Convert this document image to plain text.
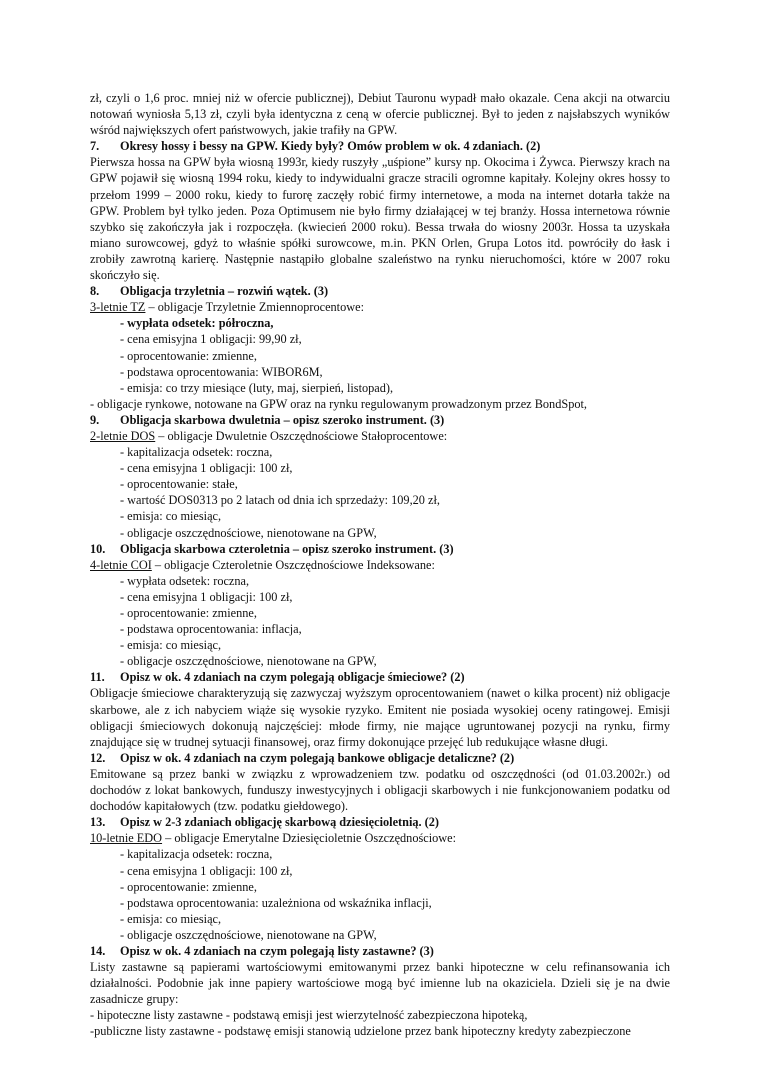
zł, czyli o 1,6 proc. mniej niż w ofercie publicznej), Debiut Tauronu wypadł mało okazale. Cena akcji na otwarciu notowań wyniosła 5,13 zł, czyli była identyczna z ceną w ofercie publicznej. Był to jeden z najsłabszych wyników wśród największych ofert państwowych, jakie trafiły na GPW.

7.	Okresy hossy i bessy na GPW. Kiedy były? Omów problem w ok. 4 zdaniach. (2)

Pierwsza hossa na GPW była wiosną 1993r, kiedy ruszyły „uśpione” kursy np. Okocima i Żywca. Pierwszy krach na GPW pojawił się wiosną 1994 roku, kiedy to indywidualni gracze stracili ogromne kapitały. Kolejny okres hossy to przełom 1999 – 2000 roku, kiedy to furorę zaczęły robić firmy internetowe, a moda na internet dotarła także na GPW. Problem był tylko jeden. Poza Optimusem nie było firmy działającej w tej branży. Hossa internetowa równie szybko się zakończyła jak i rozpoczęła. (kwiecień 2000 roku). Bessa trwała do wiosny 2003r. Hossa ta uzyskała miano surowcowej, gdyż to właśnie spółki surowcowe, m.in. PKN Orlen, Grupa Lotos itd. powróciły do łask i zrobiły zawrotną karierę. Następnie nastąpiło globalne szaleństwo na rynku nieruchomości, które w 2007 roku skończyło się.

8.	Obligacja trzyletnia – rozwiń wątek. (3)

3-letnie TZ – obligacje Trzyletnie Zmiennoprocentowe:

- wypłata odsetek: półroczna,
- cena emisyjna 1 obligacji: 99,90 zł,
- oprocentowanie: zmienne,
- podstawa oprocentowania: WIBOR6M,
- emisja: co trzy miesiące (luty, maj, sierpień, listopad),

- obligacje rynkowe, notowane na GPW oraz na rynku regulowanym prowadzonym przez BondSpot,

9.	Obligacja skarbowa dwuletnia – opisz szeroko instrument. (3)

2-letnie DOS – obligacje Dwuletnie Oszczędnościowe Stałoprocentowe:

- kapitalizacja odsetek: roczna,
- cena emisyjna 1 obligacji: 100 zł,
- oprocentowanie: stałe,
- wartość DOS0313 po 2 latach od dnia ich sprzedaży: 109,20 zł,
- emisja: co miesiąc,
- obligacje oszczędnościowe, nienotowane na GPW,
10.	Obligacja skarbowa czteroletnia – opisz szeroko instrument. (3)

4-letnie COI – obligacje Czteroletnie Oszczędnościowe Indeksowane:

- wypłata odsetek: roczna,
- cena emisyjna 1 obligacji: 100 zł,
- oprocentowanie: zmienne,
- podstawa oprocentowania: inflacja,
- emisja: co miesiąc,
- obligacje oszczędnościowe, nienotowane na GPW,
11.	Opisz w ok. 4 zdaniach na czym polegają obligacje śmieciowe? (2)

Obligacje śmieciowe charakteryzują się zazwyczaj wyższym oprocentowaniem (nawet o kilka procent) niż obligacje skarbowe, ale z ich nabyciem wiąże się wysokie ryzyko. Emitent nie posiada wysokiej oceny ratingowej. Emisji obligacji śmieciowych dokonują najczęściej: młode firmy, nie mające ugruntowanej pozycji na rynku, firmy znajdujące się w trudnej sytuacji finansowej, oraz firmy dokonujące przejęć lub redukujące własne długi.

12.	Opisz w ok. 4 zdaniach na czym polegają bankowe obligacje detaliczne? (2)

Emitowane są przez banki w związku z wprowadzeniem tzw. podatku od oszczędności (od 01.03.2002r.) od dochodów z lokat bankowych, funduszy inwestycyjnych i obligacji skarbowych i nie funkcjonowaniem podatku od dochodów kapitałowych (tzw. podatku giełdowego).

13.	Opisz w 2-3 zdaniach obligację skarbową dziesięcioletnią. (2)

10-letnie EDO – obligacje Emerytalne Dziesięcioletnie Oszczędnościowe:

- kapitalizacja odsetek: roczna,
- cena emisyjna 1 obligacji: 100 zł,
- oprocentowanie: zmienne,
- podstawa oprocentowania: uzależniona od wskaźnika inflacji,
- emisja: co miesiąc,
- obligacje oszczędnościowe, nienotowane na GPW,
14.	Opisz w ok. 4 zdaniach na czym polegają listy zastawne? (3)

Listy zastawne są papierami wartościowymi emitowanymi przez banki hipoteczne w celu refinansowania ich działalności. Podobnie jak inne papiery wartościowe mogą być imienne lub na okaziciela. Dzieli się je na dwie zasadnicze grupy:

- hipoteczne listy zastawne - podstawą emisji jest wierzytelność zabezpieczona hipoteką,

-publiczne listy zastawne - podstawę emisji stanowią udzielone przez bank hipoteczny kredyty zabezpieczone
